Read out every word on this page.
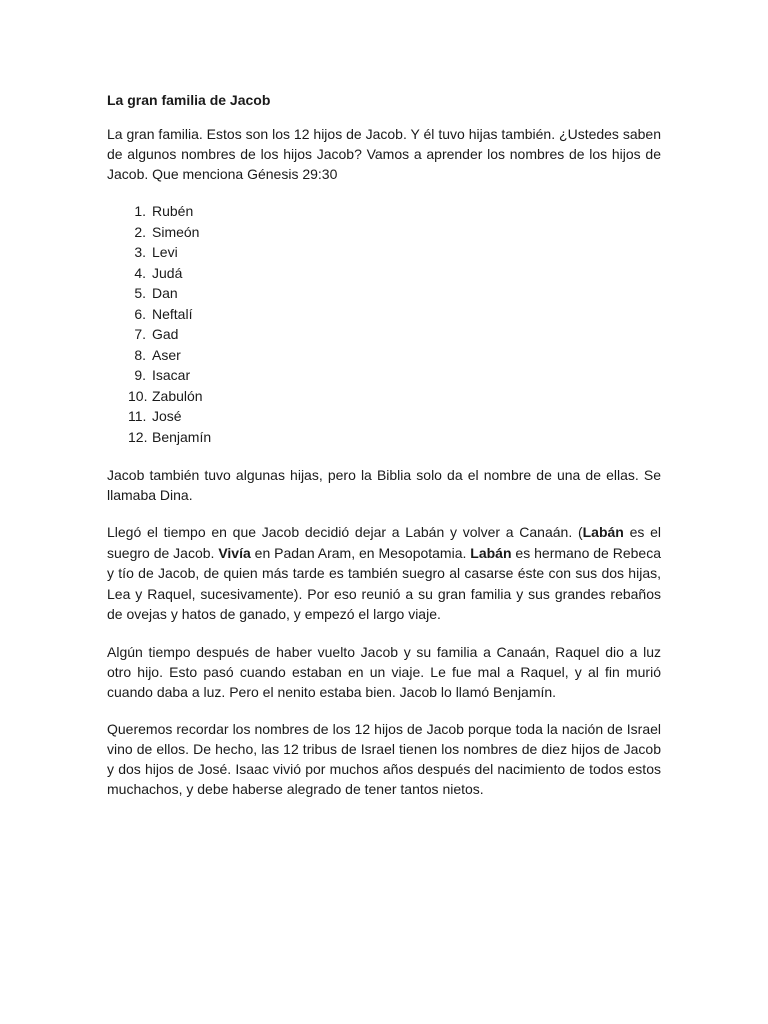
La gran familia de Jacob

La gran familia. Estos son los 12 hijos de Jacob. Y él tuvo hijas también. ¿Ustedes saben de algunos nombres de los hijos Jacob? Vamos a aprender los nombres de los hijos de Jacob. Que menciona Génesis 29:30

1. Rubén
2. Simeón
3. Levi
4. Judá
5. Dan
6. Neftalí
7. Gad
8. Aser
9. Isacar
10. Zabulón
11. José
12. Benjamín

Jacob también tuvo algunas hijas, pero la Biblia solo da el nombre de una de ellas. Se llamaba Dina.

Llegó el tiempo en que Jacob decidió dejar a Labán y volver a Canaán. (Labán es el suegro de Jacob. Vivía en Padan Aram, en Mesopotamia. Labán es hermano de Rebeca y tío de Jacob, de quien más tarde es también suegro al casarse éste con sus dos hijas, Lea y Raquel, sucesivamente). Por eso reunió a su gran familia y sus grandes rebaños de ovejas y hatos de ganado, y empezó el largo viaje.

Algún tiempo después de haber vuelto Jacob y su familia a Canaán, Raquel dio a luz otro hijo. Esto pasó cuando estaban en un viaje. Le fue mal a Raquel, y al fin murió cuando daba a luz. Pero el nenito estaba bien. Jacob lo llamó Benjamín.

Queremos recordar los nombres de los 12 hijos de Jacob porque toda la nación de Israel vino de ellos. De hecho, las 12 tribus de Israel tienen los nombres de diez hijos de Jacob y dos hijos de José. Isaac vivió por muchos años después del nacimiento de todos estos muchachos, y debe haberse alegrado de tener tantos nietos.
